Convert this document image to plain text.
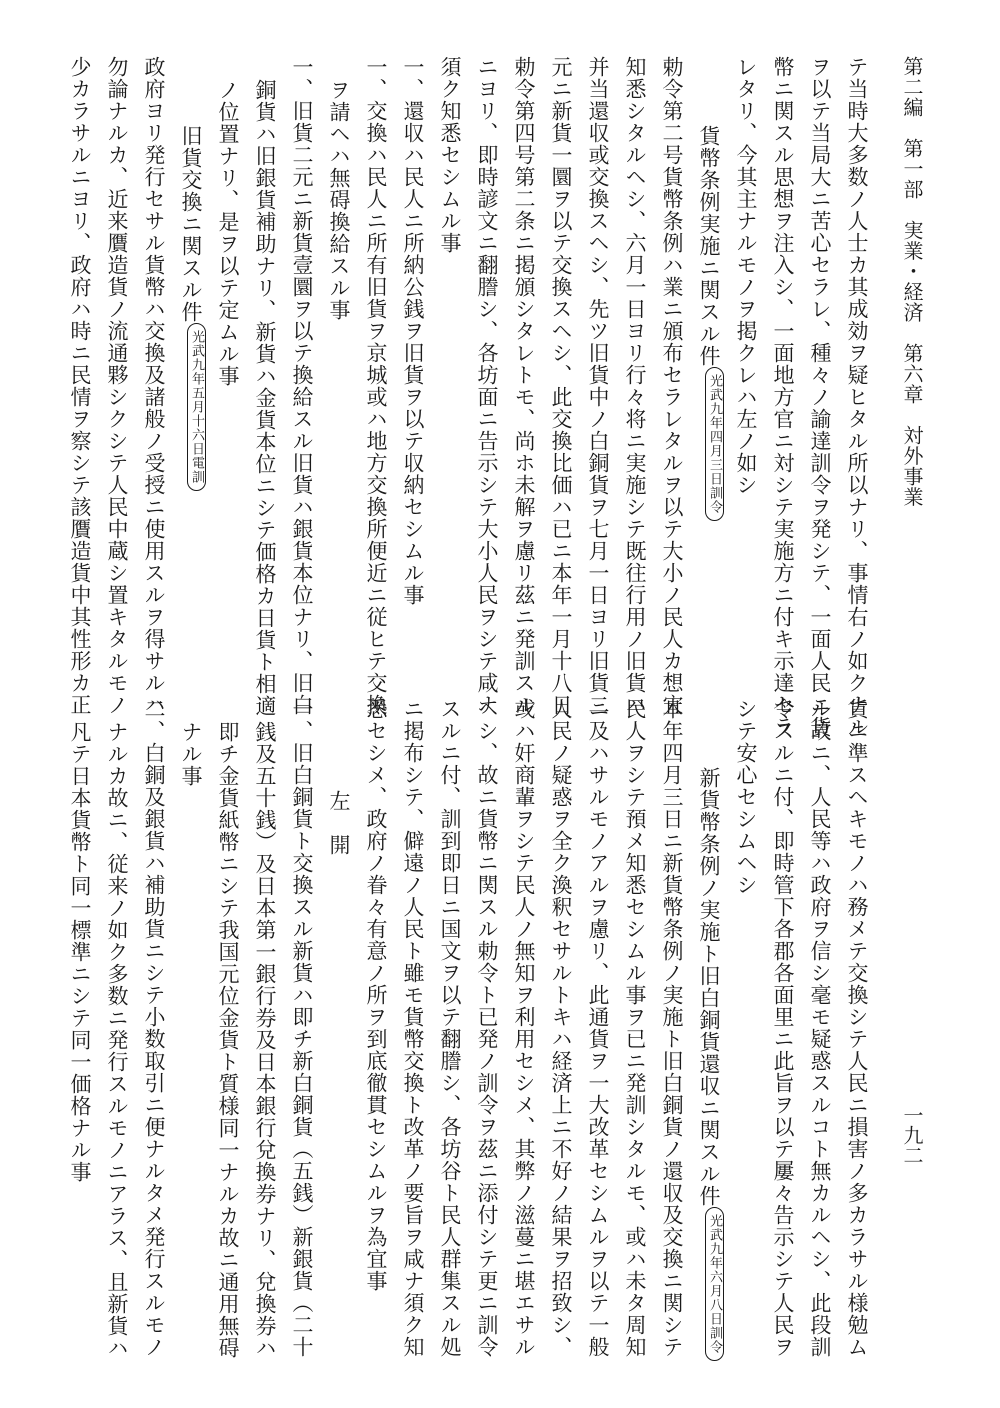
第二編　第一部　実業・経済　第六章　対外事業

一九二

テ当時大多数ノ人士カ其成効ヲ疑ヒタル所以ナリ、事情右ノ如クナル
ヲ以テ当局大ニ苦心セラレ、種々ノ諭達訓令ヲ発シテ、一面人民ニ貨
幣ニ関スル思想ヲ注入シ、一面地方官ニ対シテ実施方ニ付キ示達セラ
レタリ、今其主ナルモノヲ掲クレハ左ノ如シ
貨幣条例実施ニ関スル件光武九年四月三日訓令
勅令第二号貨幣条例ハ業ニ頒布セラレタルヲ以テ大小ノ民人カ想宜
知悉シタルヘシ、六月一日ヨリ行々将ニ実施シテ既往行用ノ旧貨ハ
并当還収或交換スヘシ、先ツ旧貨中ノ白銅貨ヲ七月一日ヨリ旧貨二
元ニ新貨一圜ヲ以テ交換スヘシ、此交換比価ハ已ニ本年一月十八日
勅令第四号第二条ニ掲頒シタレトモ、尚ホ未解ヲ慮リ茲ニ発訓スル
ニヨリ、即時諺文ニ翻謄シ、各坊面ニ告示シテ大小人民ヲシテ咸ナ
須ク知悉セシムル事
一、還収ハ民人ニ所納公銭ヲ旧貨ヲ以テ収納セシムル事
一、交換ハ民人ニ所有旧貨ヲ京城或ハ地方交換所便近ニ従ヒテ交換
ヲ請ヘハ無碍換給スル事
一、旧貨二元ニ新貨壹圜ヲ以テ換給スル旧貨ハ銀貨本位ナリ、旧白
銅貨ハ旧銀貨補助ナリ、新貨ハ金貨本位ニシテ価格カ日貨ト相適
ノ位置ナリ、是ヲ以テ定ムル事
旧貨交換ニ関スル件光武九年五月十六日電訓
政府ヨリ発行セサル貨幣ハ交換及諸般ノ受授ニ使用スルヲ得サルハ
勿論ナルカ、近来贋造貨ノ流通夥シクシテ人民中蔵シ置キタルモノ
少カラサルニヨリ、政府ハ時ニ民情ヲ察シテ該贋造貨中其性形カ正
貨ニ準スヘキモノハ務メテ交換シテ人民ニ損害ノ多カラサル様勉ム
ル故ニ、人民等ハ政府ヲ信シ毫モ疑惑スルコト無カルヘシ、此段訓
令スルニ付、即時管下各郡各面里ニ此旨ヲ以テ屢々告示シテ人民ヲ
シテ安心セシムヘシ
新貨幣条例ノ実施ト旧白銅貨還収ニ関スル件光武九年六月八日訓令
本年四月三日ニ新貨幣条例ノ実施ト旧白銅貨ノ還収及交換ニ関シテ
民人ヲシテ預メ知悉セシムル事ヲ已ニ発訓シタルモ、或ハ未タ周知
ニ及ハサルモノアルヲ慮リ、此通貨ヲ一大改革セシムルヲ以テ一般
人民ノ疑惑ヲ全ク渙釈セサルトキハ経済上ニ不好ノ結果ヲ招致シ、
或ハ奸商輩ヲシテ民人ノ無知ヲ利用セシメ、其弊ノ滋蔓ニ堪エサル
ヘシ、故ニ貨幣ニ関スル勅令ト已発ノ訓令ヲ茲ニ添付シテ更ニ訓令
スルニ付、訓到即日ニ国文ヲ以テ翻謄シ、各坊谷ト民人群集スル処
ニ掲布シテ、僻遠ノ人民ト雖モ貨幣交換ト改革ノ要旨ヲ咸ナ須ク知
悉セシメ、政府ノ眷々有意ノ所ヲ到底徹貫セシムルヲ為宜事
左　開
一、旧白銅貨ト交換スル新貨ハ即チ新白銅貨（五銭）新銀貨（二十
銭及五十銭）及日本第一銀行券及日本銀行兌換券ナリ、兌換券ハ
即チ金貨紙幣ニシテ我国元位金貨ト質様同一ナルカ故ニ通用無碍
ナル事
二、白銅及銀貨ハ補助貨ニシテ小数取引ニ便ナルタメ発行スルモノ
ナルカ故ニ、従来ノ如ク多数ニ発行スルモノニアラス、且新貨ハ
凡テ日本貨幣ト同一標準ニシテ同一価格ナル事
